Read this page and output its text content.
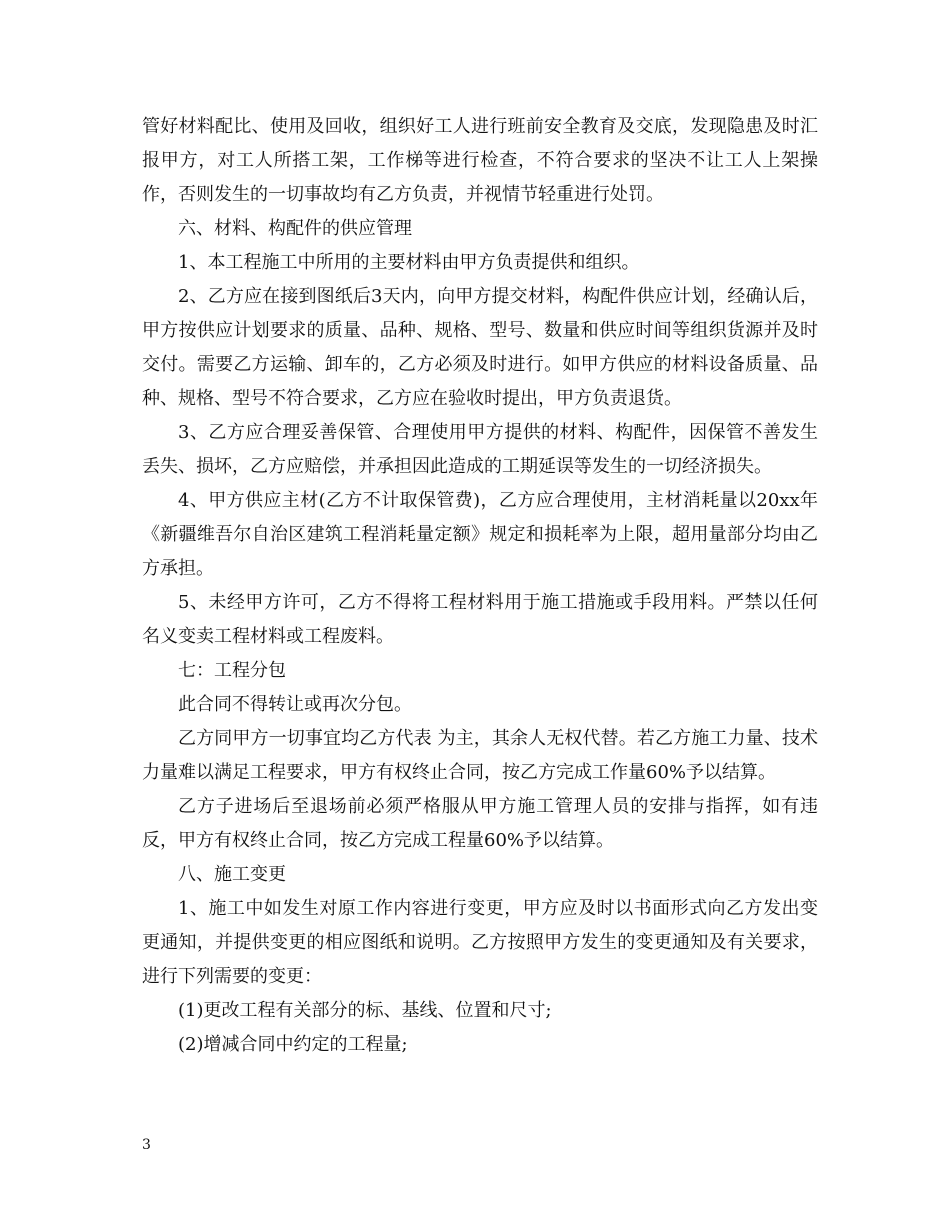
管好材料配比、使用及回收，组织好工人进行班前安全教育及交底，发现隐患及时汇报甲方，对工人所搭工架，工作梯等进行检查，不符合要求的坚决不让工人上架操作，否则发生的一切事故均有乙方负责，并视情节轻重进行处罚。

六、材料、构配件的供应管理

1、本工程施工中所用的主要材料由甲方负责提供和组织。

2、乙方应在接到图纸后3天内，向甲方提交材料，构配件供应计划，经确认后，甲方按供应计划要求的质量、品种、规格、型号、数量和供应时间等组织货源并及时交付。需要乙方运输、卸车的，乙方必须及时进行。如甲方供应的材料设备质量、品种、规格、型号不符合要求，乙方应在验收时提出，甲方负责退货。

3、乙方应合理妥善保管、合理使用甲方提供的材料、构配件，因保管不善发生丢失、损坏，乙方应赔偿，并承担因此造成的工期延误等发生的一切经济损失。

4、甲方供应主材(乙方不计取保管费)，乙方应合理使用，主材消耗量以20xx年《新疆维吾尔自治区建筑工程消耗量定额》规定和损耗率为上限，超用量部分均由乙方承担。

5、未经甲方许可，乙方不得将工程材料用于施工措施或手段用料。严禁以任何名义变卖工程材料或工程废料。

七：工程分包

此合同不得转让或再次分包。

乙方同甲方一切事宜均乙方代表 为主，其余人无权代替。若乙方施工力量、技术力量难以满足工程要求，甲方有权终止合同，按乙方完成工作量60%予以结算。

乙方子进场后至退场前必须严格服从甲方施工管理人员的安排与指挥，如有违反，甲方有权终止合同，按乙方完成工程量60%予以结算。

八、施工变更

1、施工中如发生对原工作内容进行变更，甲方应及时以书面形式向乙方发出变更通知，并提供变更的相应图纸和说明。乙方按照甲方发生的变更通知及有关要求，进行下列需要的变更：

(1)更改工程有关部分的标、基线、位置和尺寸;

(2)增减合同中约定的工程量;

3
